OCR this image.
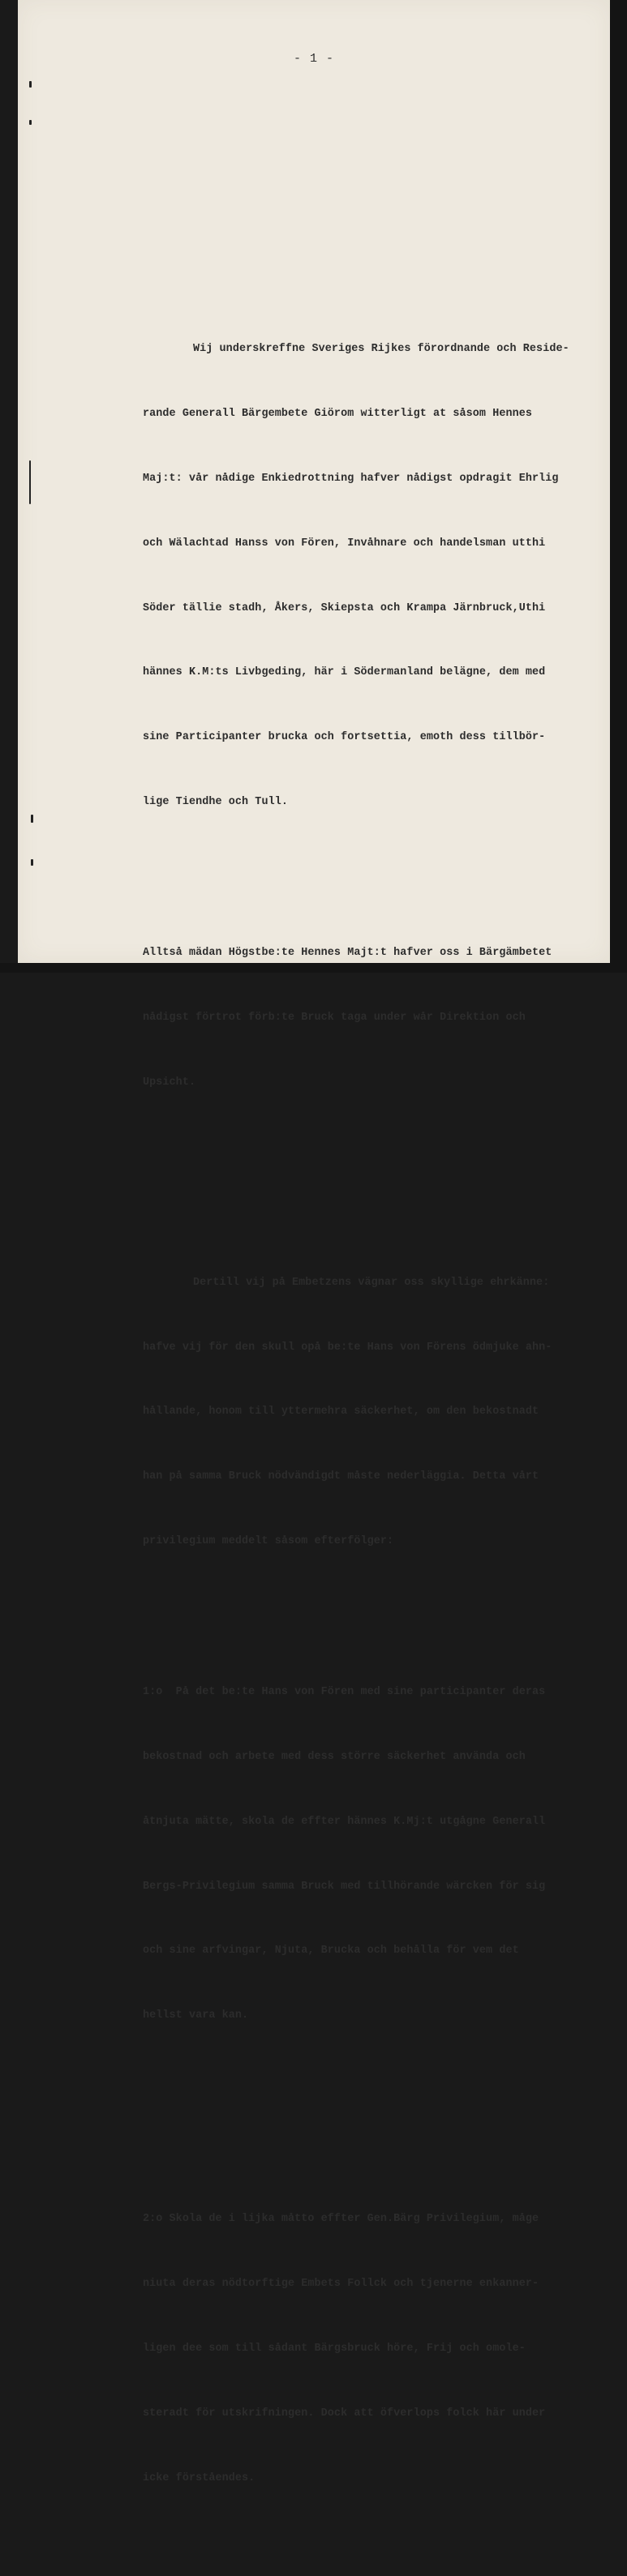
- 1 -

Wij underskreffne Sveriges Rijkes förordnande och Reside-

rande Generall Bärgembete Giörom witterligt at såsom Hennes

Maj:t: vår nådige Enkiedrottning hafver nådigst opdragit Ehrlig

och Wälachtad Hanss von Fören, Invåhnare och handelsman utthi

Söder tällie stadh, Åkers, Skiepsta och Krampa Järnbruck,Uthi

hännes K.M:ts Livbgeding, här i Södermanland belägne, dem med

sine Participanter brucka och fortsettia, emoth dess tillbör-

lige Tiendhe och Tull.

Alltså mädan Högstbe:te Hennes Majt:t hafver oss i Bärgämbetet

nådigst förtrot förb:te Bruck taga under wår Direktion och

Upsicht.

Dertill vij på Embetzens vägnar oss skyllige ehrkänne:

hafve vij för den skull opå be:te Hans von Förens ödmjuke ahn-

hållande, honom till yttermehra säckerhet, om den bekostnadt

han på samma Bruck nödvändigdt måste nederläggia. Detta vårt

privilegium meddelt såsom efterfölger:

1:o  På det be:te Hans von Fören med sine participanter deras

bekostnad och arbete med dess större säckerhet använda och

åtnjuta mätte, skola de effter hännes K.Mj:t utgågne Generall

Bergs-Privilegium samma Bruck med tillhörande wärcken för sig

och sine arfvingar, Njuta, Brucka och behålla för vem det

hellst vara kan.

2:o Skola de i lijka måtto effter Gen.Bärg Privilegium, måge

niuta deras nödtorftige Embets Follck och tjenerne enkanner-

ligen dee som till sådant Bärgsbruck höre, Frij och omole-

steradt för utskrifningen. Dock att öfverlops folck här under

icke förståendes.
